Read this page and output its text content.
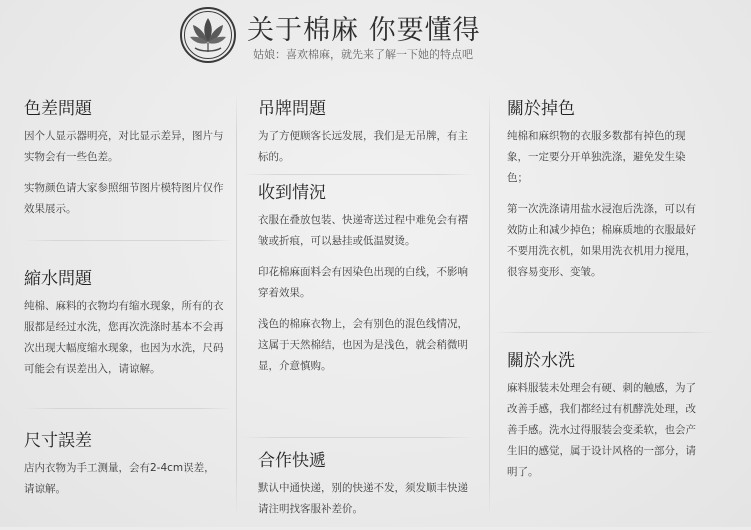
关于棉麻 你要懂得
姑娘：喜欢棉麻，就先来了解一下她的特点吧
色差問題
因个人显示器明亮，对比显示差异，图片与实物会有一些色差。
实物颜色请大家参照细节图片模特图片仅作效果展示。
縮水問題
纯棉、麻料的衣物均有缩水现象，所有的衣服都是经过水洗，您再次洗涤时基本不会再次出现大幅度缩水现象，也因为水洗，尺码可能会有误差出入，请谅解。
尺寸誤差
店内衣物为手工测量，会有2-4cm误差，请谅解。
吊牌問題
为了方便顾客长远发展，我们是无吊牌，有主标的。
收到情況
衣服在叠放包装、快递寄送过程中难免会有褶皱或折痕，可以悬挂或低温熨烫。
印花棉麻面料会有因染色出现的白线，不影响穿着效果。
浅色的棉麻衣物上，会有别色的混色线情况，这属于天然棉结，也因为是浅色，就会稍微明显，介意慎购。
合作快遞
默认中通快递，别的快递不发，须发顺丰快递请注明找客服补差价。
關於掉色
纯棉和麻织物的衣服多数都有掉色的现象，一定要分开单独洗涤，避免发生染色；
第一次洗涤请用盐水浸泡后洗涤，可以有效防止和减少掉色；棉麻质地的衣服最好不要用洗衣机，如果用洗衣机用力搅甩，很容易变形、变皱。
關於水洗
麻料服装未处理会有硬、刺的触感，为了改善手感，我们都经过有机酵洗处理，改善手感。洗水过得服装会变柔软，也会产生旧的感觉，属于设计风格的一部分，请明了。
